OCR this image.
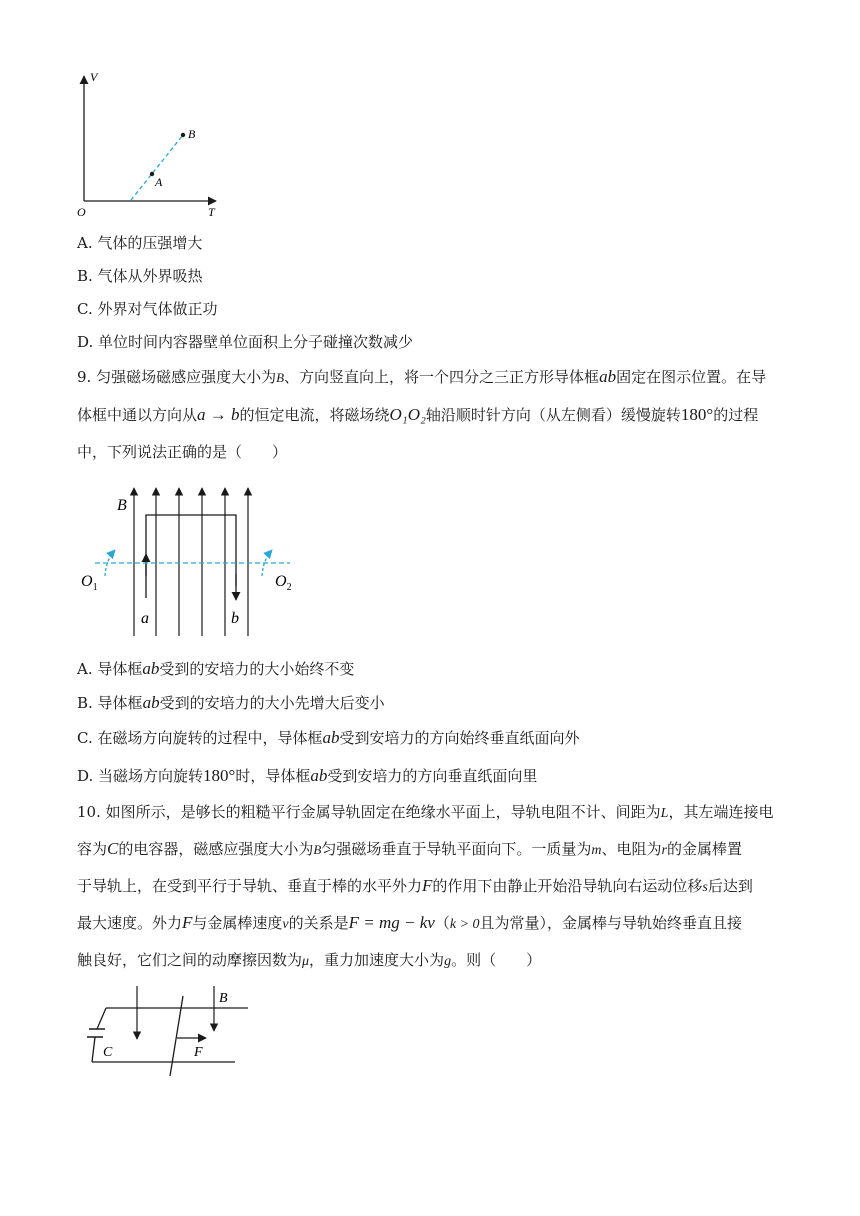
V
T
O
A
B
A. 气体的压强增大
B. 气体从外界吸热
C. 外界对气体做正功
D. 单位时间内容器壁单位面积上分子碰撞次数减少
9. 匀强磁场磁感应强度大小为B、方向竖直向上，将一个四分之三正方形导体框ab固定在图示位置。在导
体框中通以方向从a → b的恒定电流，将磁场绕O₁O₂轴沿顺时针方向（从左侧看）缓慢旋转180°的过程
中，下列说法正确的是（　　）
B
$O_1$	$O_2$
a	b
A. 导体框ab受到的安培力的大小始终不变
B. 导体框ab受到的安培力的大小先增大后变小
C. 在磁场方向旋转的过程中，导体框ab受到安培力的方向始终垂直纸面向外
D. 当磁场方向旋转180°时，导体框ab受到安培力的方向垂直纸面向里
10. 如图所示，是够长的粗糙平行金属导轨固定在绝缘水平面上，导轨电阻不计、间距为L，其左端连接电
容为C的电容器，磁感应强度大小为B匀强磁场垂直于导轨平面向下。一质量为m、电阻为r的金属棒置
于导轨上，在受到平行于导轨、垂直于棒的水平外力F的作用下由静止开始沿导轨向右运动位移s后达到
最大速度。外力F与金属棒速度v的关系是F = mg − kv（k > 0且为常量），金属棒与导轨始终垂直且接
触良好，它们之间的动摩擦因数为μ，重力加速度大小为g。则（　　）
B
C	F
